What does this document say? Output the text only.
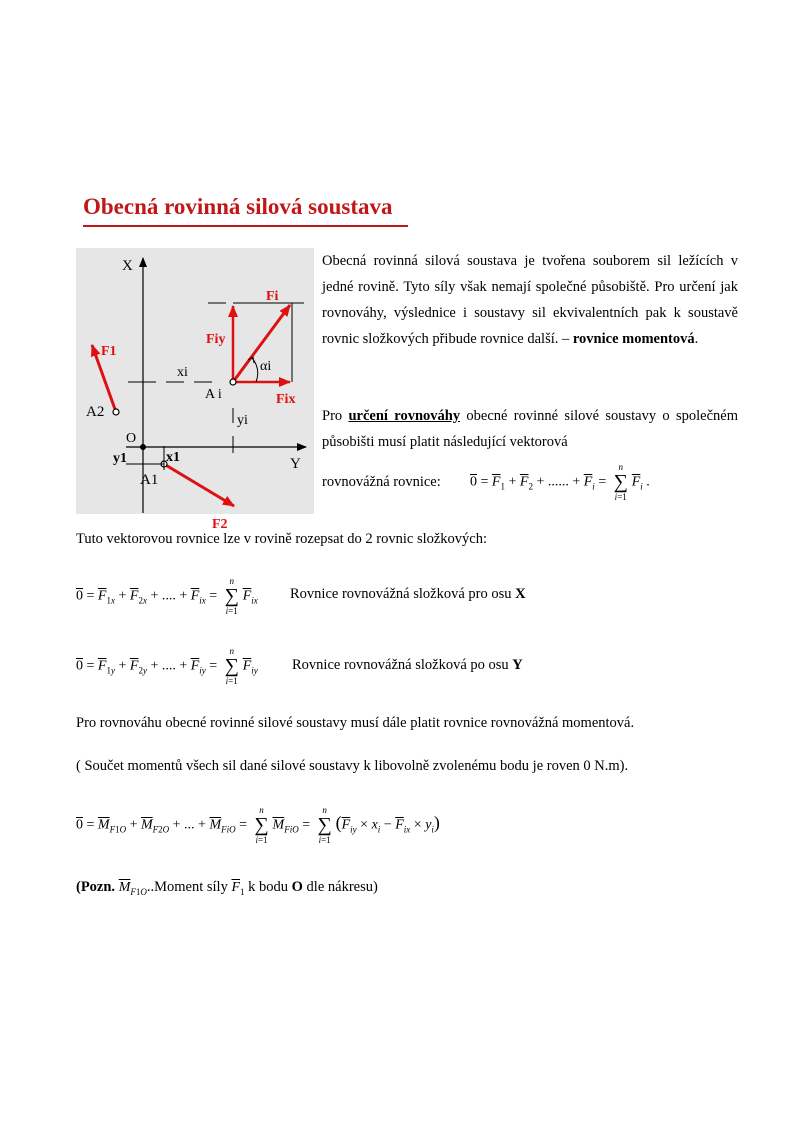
Obecná rovinná silová soustava
X
Y
O
xi
yi
Fi
Fiy
Fix
A i
αi
F1
A2
x1
y1
A1
F2
Obecná rovinná silová soustava je tvořena souborem sil ležících v jedné rovině. Tyto síly však nemají společné působiště. Pro určení jak rovnováhy, výslednice i soustavy sil ekvivalentních pak k soustavě rovnic složkových přibude rovnice další. – rovnice momentová.
Pro určení rovnováhy obecné rovinné silové soustavy o společném působišti musí platit následující vektorová
rovnovážná rovnice: $0 = \overline{F}_1 + \overline{F}_2$ + ...... + $\overline{F}_i$ =
n
∑
i=1
$\overline{F}_i$ .
Tuto vektorovou rovnice lze v rovině rozepsat do 2 rovnic složkových:
$0 = \overline{F}_{1x} + \overline{F}_{2x}$ + .... + $\overline{F}_{ix}$ =
n
∑
i=1
$\overline{F}_{ix}$ Rovnice rovnovážná složková pro osu X
$0 = \overline{F}_{1y} + \overline{F}_{2y}$ + .... + $\overline{F}_{iy}$ =
n
∑
i=1
$\overline{F}_{iy}$ Rovnice rovnovážná složková po osu Y
Pro rovnováhu obecné rovinné silové soustavy musí dále platit rovnice rovnovážná momentová.
( Součet momentů všech sil dané silové soustavy k libovolně zvolenému bodu je roven 0 N.m).
$0 = \overline{M}_{F1O} + \overline{M}_{F2O}$ + ... + $\overline{M}_{FiO}$ =
n
∑
i=1
$\overline{M}_{FiO}$ =
n
∑
i=1
$(\overline{F}_{iy} \times x_i - \overline{F}_{ix} \times y_i)$
(Pozn. $\overline{M}_{F1O}..Moment$ síly $\overline{F}_1$ k bodu O dle nákresu)
